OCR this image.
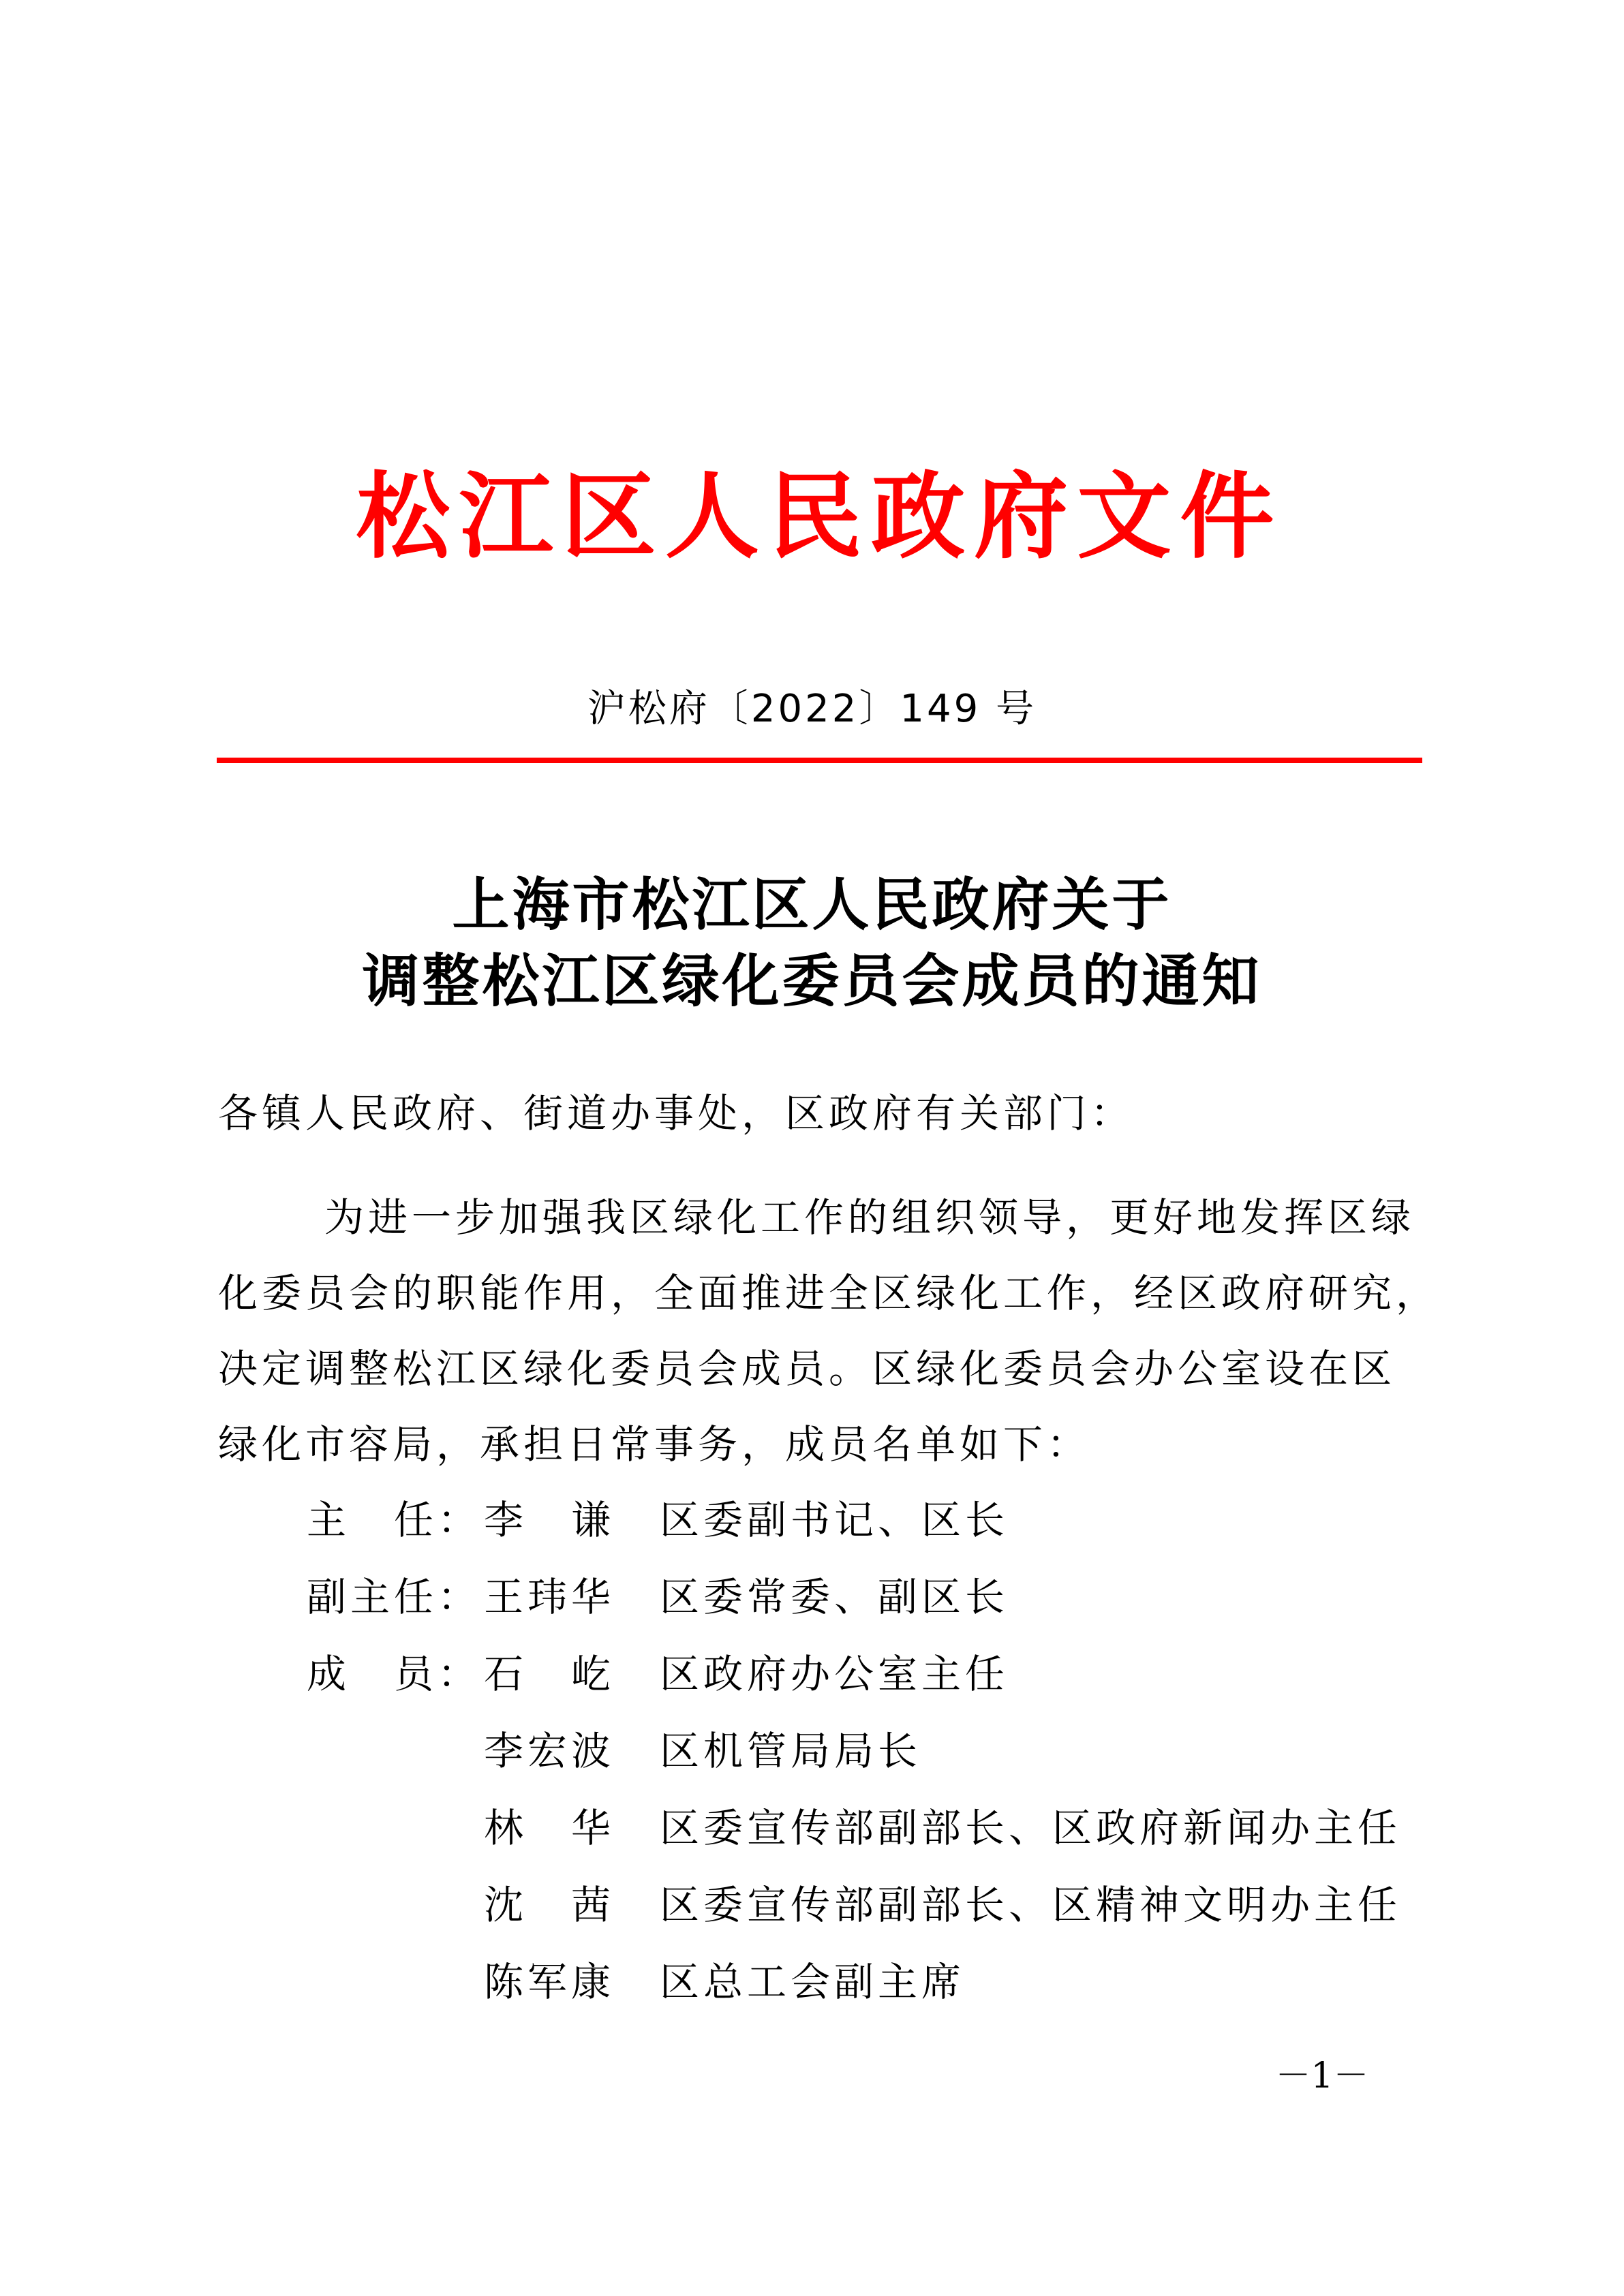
松 江 区 人 民 政 府 文 件
沪松府〔2022〕149 号
上海市松江区人民政府关于
调整松江区绿化委员会成员的通知
各镇人民政府、街道办事处，区政府有关部门：
为进一步加强我区绿化工作的组织领导，更好地发挥区绿
化委员会的职能作用，全面推进全区绿化工作，经区政府研究，
决定调整松江区绿化委员会成员。区绿化委员会办公室设在区
绿化市容局，承担日常事务，成员名单如下：
主 任： 李 谦 区委副书记、区长
副主任： 王 玮 华 区委常委、副区长
成 员： 石 屹 区政府办公室主任
李 宏 波 区机管局局长
林 华 区委宣传部副部长、区政府新闻办主任
沈 茜 区委宣传部副部长、区精神文明办主任
陈 军 康 区总工会副主席
－1－
